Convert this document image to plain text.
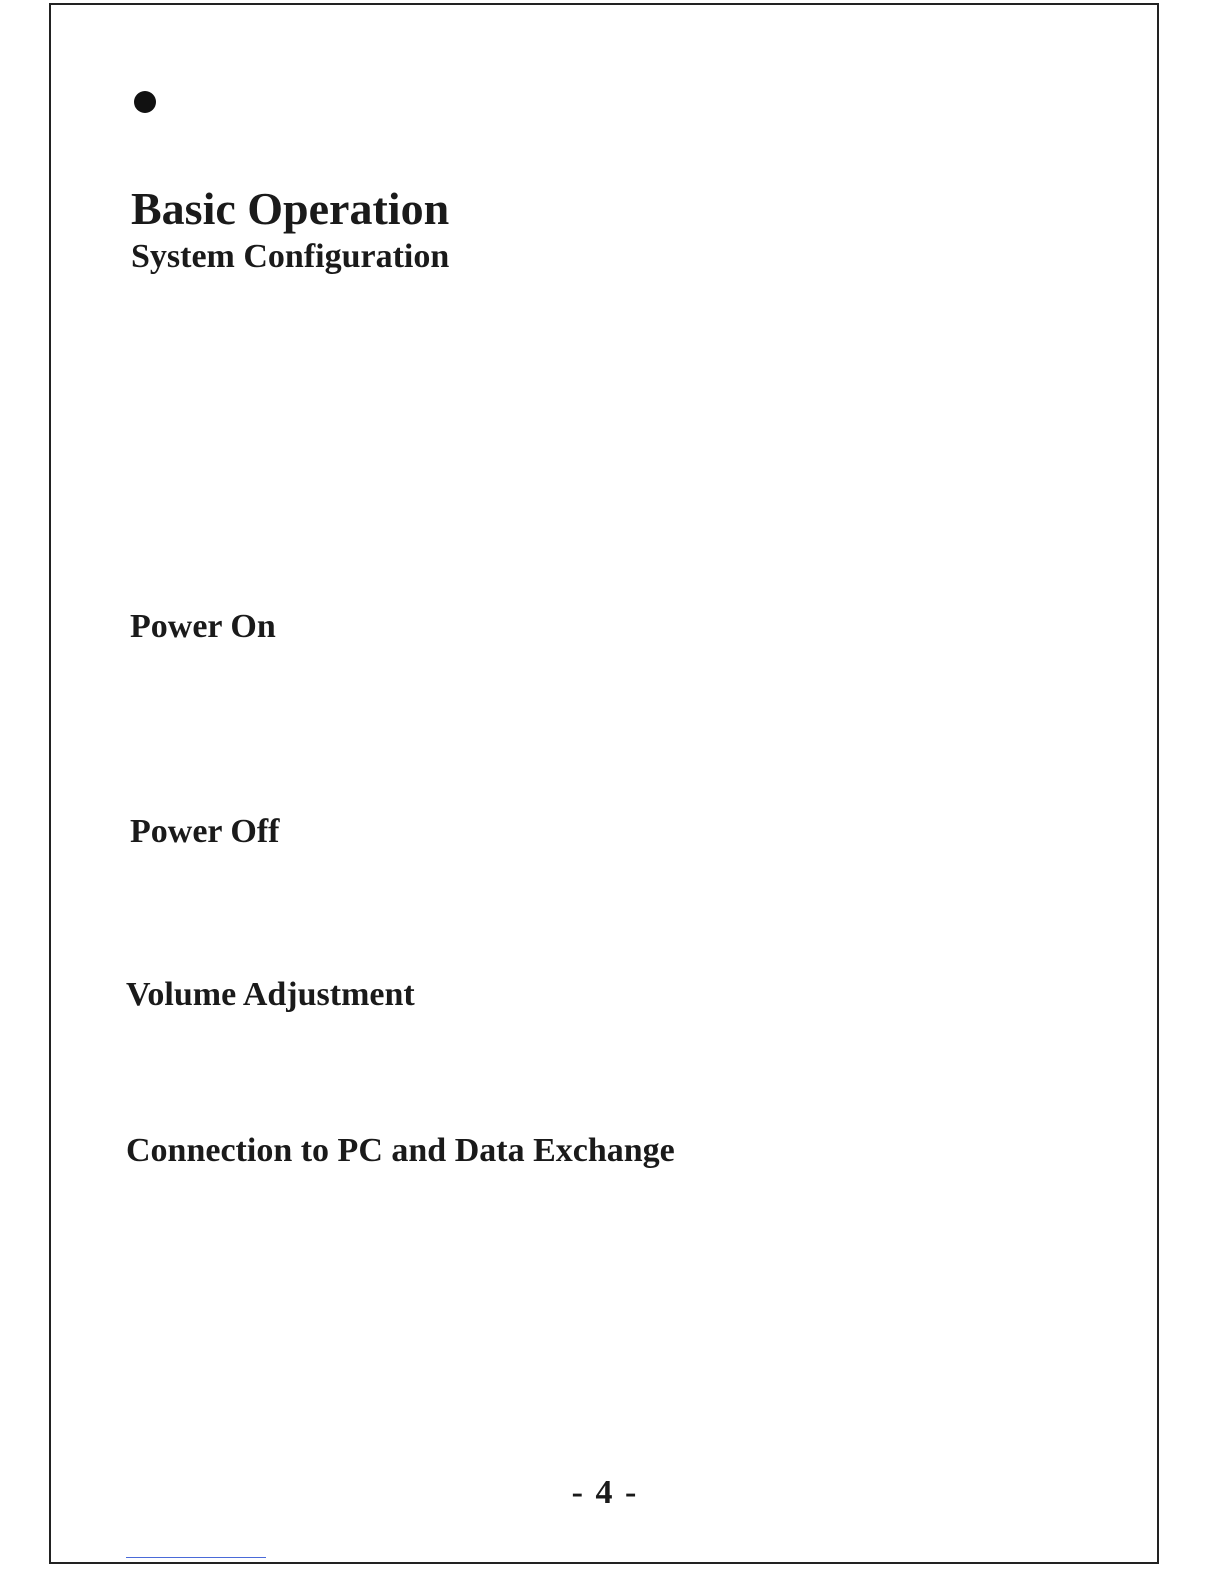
Basic Operation
System Configuration
Power On
Power Off
Volume Adjustment
Connection to PC and Data Exchange
- 4 -
